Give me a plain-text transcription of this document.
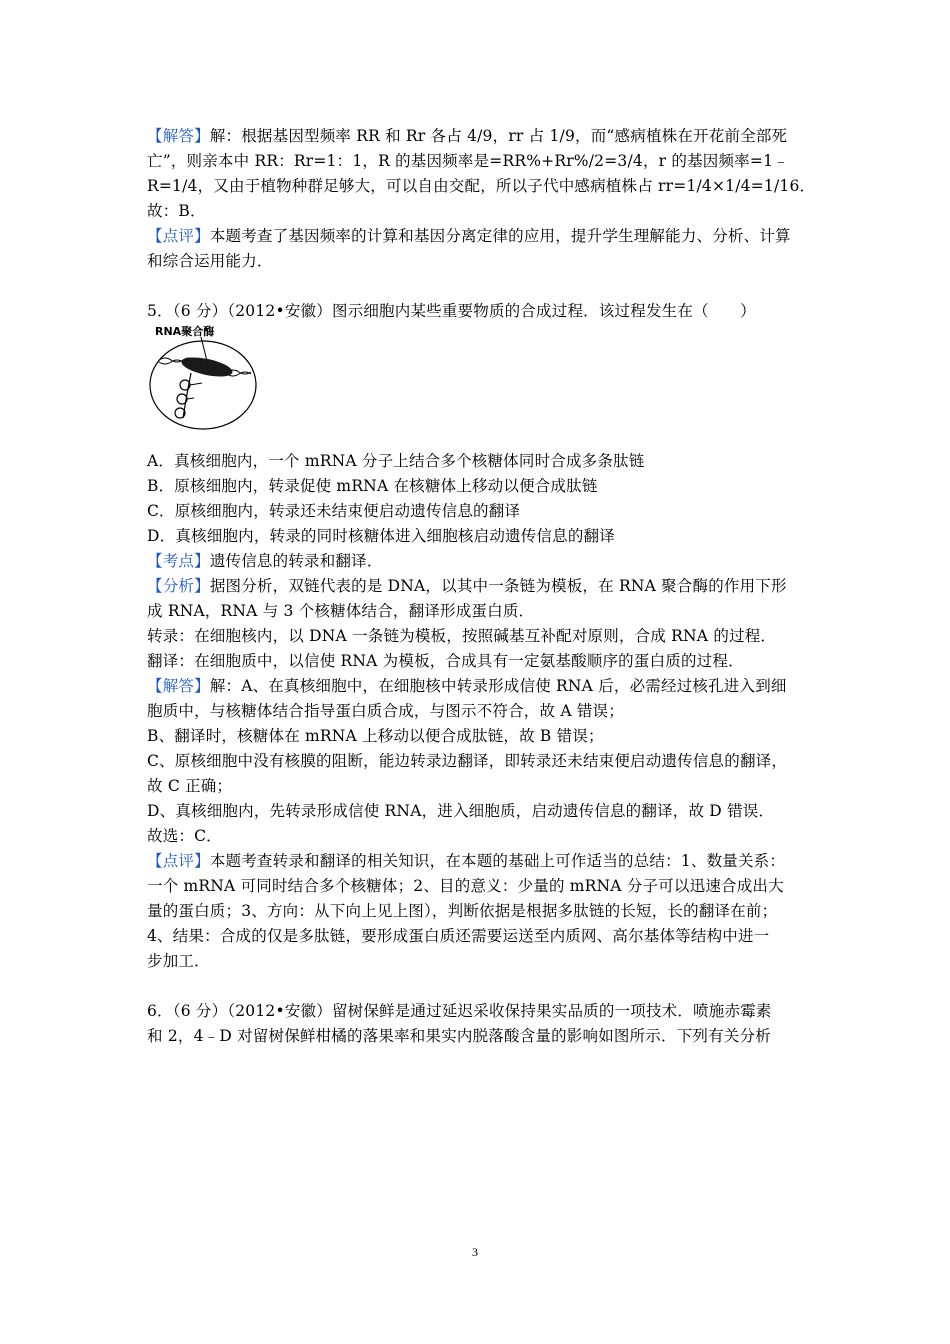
【解答】解：根据基因型频率 RR 和 Rr 各占 4/9，rr 占 1/9，而“感病植株在开花前全部死
亡”，则亲本中 RR：Rr=1：1，R 的基因频率是=RR%+Rr%/2=3/4，r 的基因频率=1﹣
R=1/4，又由于植物种群足够大，可以自由交配，所以子代中感病植株占 rr=1/4×1/4=1/16．
故：B．
【点评】本题考查了基因频率的计算和基因分离定律的应用，提升学生理解能力、分析、计算
和综合运用能力．
5．（6 分）（2012•安徽）图示细胞内某些重要物质的合成过程．该过程发生在（　　）
RNA聚合酶
A．真核细胞内，一个 mRNA 分子上结合多个核糖体同时合成多条肽链
B．原核细胞内，转录促使 mRNA 在核糖体上移动以便合成肽链
C．原核细胞内，转录还未结束便启动遗传信息的翻译
D．真核细胞内，转录的同时核糖体进入细胞核启动遗传信息的翻译
【考点】遗传信息的转录和翻译．
【分析】据图分析，双链代表的是 DNA，以其中一条链为模板，在 RNA 聚合酶的作用下形
成 RNA，RNA 与 3 个核糖体结合，翻译形成蛋白质．
转录：在细胞核内，以 DNA 一条链为模板，按照碱基互补配对原则，合成 RNA 的过程．
翻译：在细胞质中，以信使 RNA 为模板，合成具有一定氨基酸顺序的蛋白质的过程．
【解答】解：A、在真核细胞中，在细胞核中转录形成信使 RNA 后，必需经过核孔进入到细
胞质中，与核糖体结合指导蛋白质合成，与图示不符合，故 A 错误；
B、翻译时，核糖体在 mRNA 上移动以便合成肽链，故 B 错误；
C、原核细胞中没有核膜的阻断，能边转录边翻译，即转录还未结束便启动遗传信息的翻译，
故 C 正确；
D、真核细胞内，先转录形成信使 RNA，进入细胞质，启动遗传信息的翻译，故 D 错误．
故选：C．
【点评】本题考查转录和翻译的相关知识，在本题的基础上可作适当的总结：1、数量关系：
一个 mRNA 可同时结合多个核糖体；2、目的意义：少量的 mRNA 分子可以迅速合成出大
量的蛋白质；3、方向：从下向上见上图），判断依据是根据多肽链的长短，长的翻译在前；
4、结果：合成的仅是多肽链，要形成蛋白质还需要运送至内质网、高尔基体等结构中进一
步加工．
6．（6 分）（2012•安徽）留树保鲜是通过延迟采收保持果实品质的一项技术．喷施赤霉素
和 2，4﹣D 对留树保鲜柑橘的落果率和果实内脱落酸含量的影响如图所示．下列有关分析
3
